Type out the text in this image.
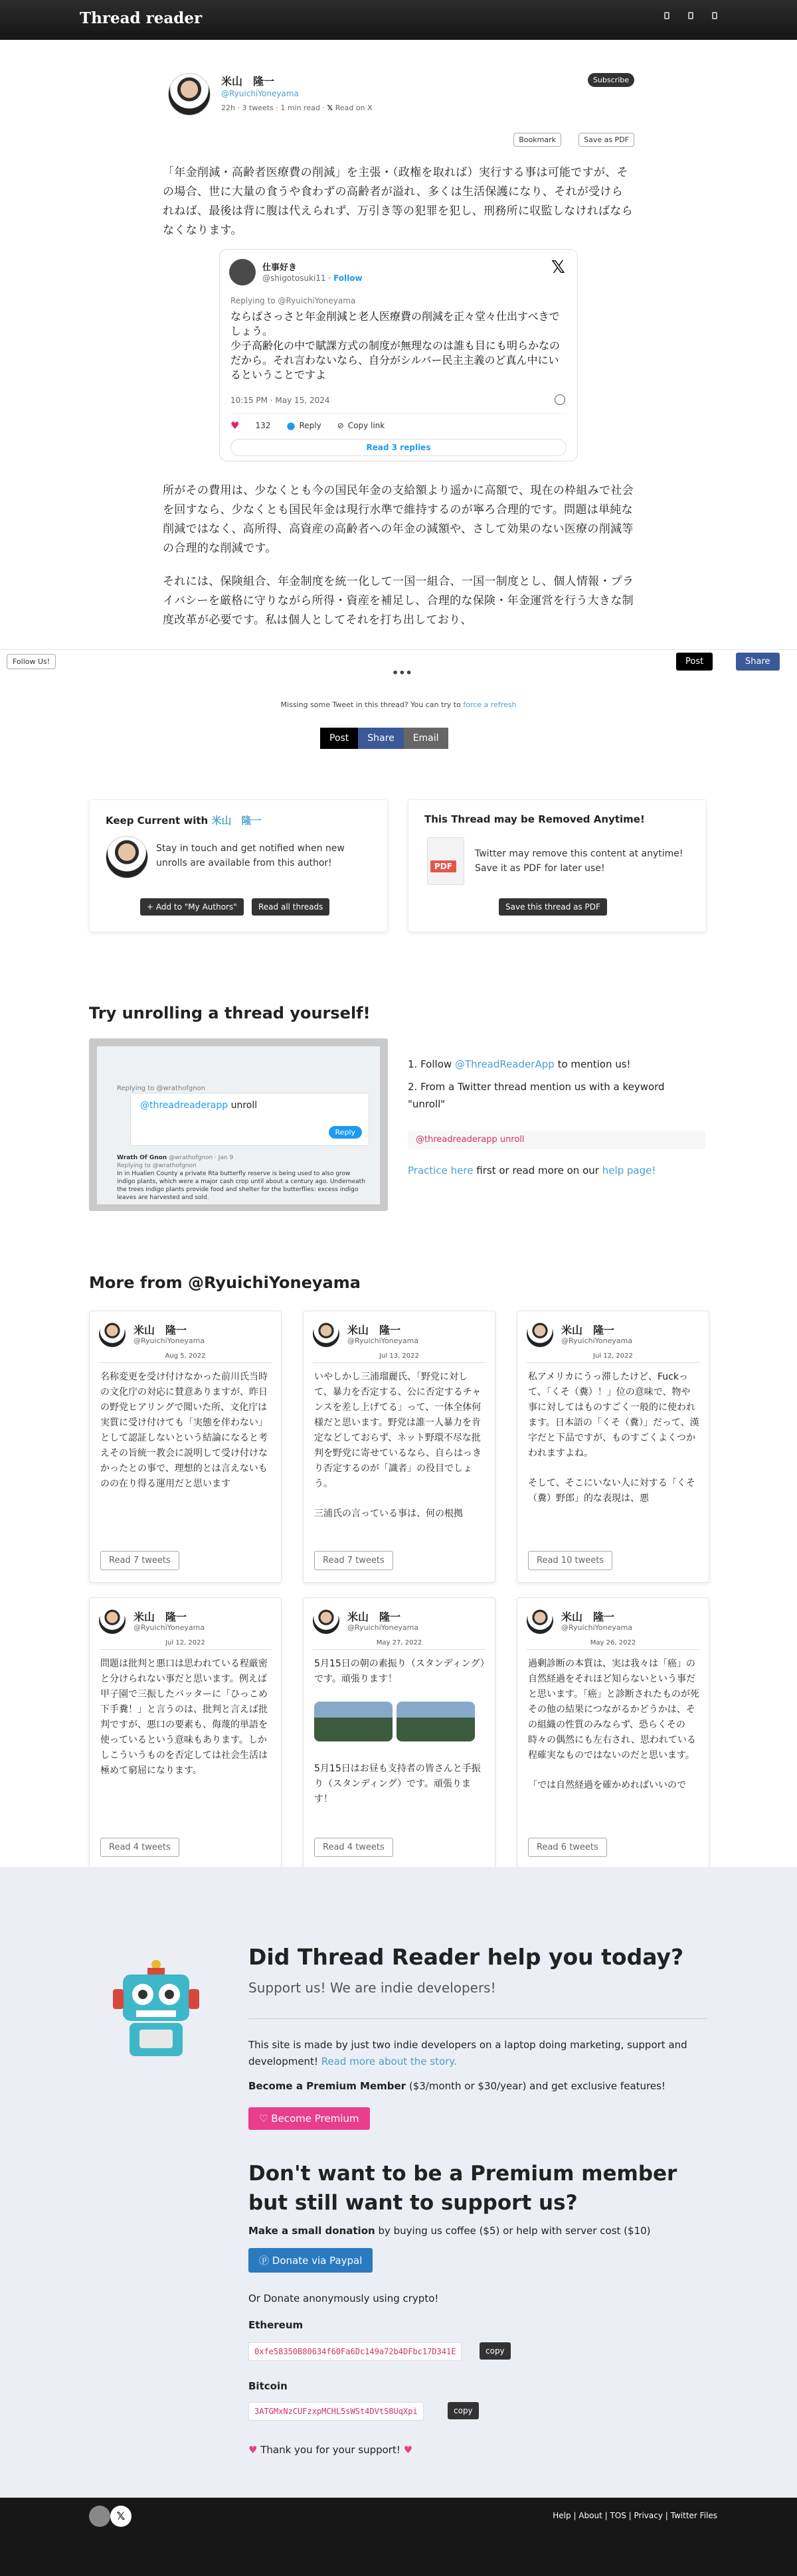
Thread reader
米山　隆一
@RyuichiYoneyama
22h · 3 tweets · 1 min read · 𝕏 Read on X
Subscribe
Bookmark	Save as PDF
「年金削減・高齢者医療費の削減」を主張・（政権を取れば）実行する事は可能ですが、その場合、世に大量の食うや食わずの高齢者が溢れ、多くは生活保護になり、それが受けられねば、最後は背に腹は代えられず、万引き等の犯罪を犯し、刑務所に収監しなければならなくなります。
仕事好き
@shigotosuki11 · Follow
𝕏
Replying to @RyuichiYoneyama
ならばさっさと年金削減と老人医療費の削減を正々堂々仕出すべきでしょう。
少子高齢化の中で賦課方式の制度が無理なのは誰も目にも明らかなのだから。それ言わないなら、自分がシルバー民主主義のど真ん中にいるということですよ
10:15 PM · May 15, 2024
♥ 132 ● Reply ⊘ Copy link
Read 3 replies
所がその費用は、少なくとも今の国民年金の支給額より遥かに高額で、現在の枠組みで社会を回すなら、少なくとも国民年金は現行水準で維持するのが寧ろ合理的です。問題は単純な削減ではなく、高所得、高資産の高齢者への年金の減額や、さして効果のない医療の削減等の合理的な削減です。
それには、保険組合、年金制度を統一化して一国一組合、一国一制度とし、個人情報・プライバシーを厳格に守りながら所得・資産を補足し、合理的な保険・年金運営を行う大きな制度改革が必要です。私は個人としてそれを打ち出しており、
Follow Us!	Post	Share
•••
Missing some Tweet in this thread? You can try to force a refresh
Post	Share	Email
Keep Current with 米山　隆一
Stay in touch and get notified when new unrolls are available from this author!
+ Add to "My Authors"	Read all threads
This Thread may be Removed Anytime!
PDF
Twitter may remove this content at anytime! Save it as PDF for later use!
Save this thread as PDF
Try unrolling a thread yourself!
Replying to @wrathofgnon
@threadreaderapp unroll
Reply
Wrath Of Gnon @wrathofgnon · Jan 9
Replying to @wrathofgnon
In in Hualien County a private Rta butterfly reserve is being used to also grow indigo plants, which were a major cash crop until about a century ago. Underneath the trees indigo plants provide food and shelter for the butterflies: excess indigo leaves are harvested and sold.
1. Follow @ThreadReaderApp to mention us!
2. From a Twitter thread mention us with a keyword "unroll"
@threadreaderapp unroll
Practice here first or read more on our help page!
More from @RyuichiYoneyama
米山　隆一
@RyuichiYoneyama
Aug 5, 2022

名称変更を受け付けなかった前川氏当時の文化庁の対応に賛意ありますが、昨日の野党ヒアリングで聞いた所、文化庁は実質に受け付けても「実態を伴わない」として認証しないという結論になると考えその旨統一教会に説明して受け付けなかったとの事で、理想的とは言えないものの在り得る運用だと思います

Read 7 tweets
米山　隆一
@RyuichiYoneyama
Jul 13, 2022

いやしかし三浦瑠麗氏、「野党に対して、暴力を否定する、公に否定するチャンスを差し上げてる」って、一体全体何様だと思います。野党は誰一人暴力を肯定などしておらず、ネット野環不尽な批判を野党に寄せているなら、自らはっきり否定するのが「識者」の役目でしょう。

三浦氏の言っている事は、何の根拠

Read 7 tweets
米山　隆一
@RyuichiYoneyama
Jul 12, 2022

私アメリカにうっ滞したけど、Fuckって、「くそ（糞）！」位の意味で、物や事に対してはものすごく一般的に使われます。日本語の「くそ（糞）」だって、漢字だと下品ですが、ものすごくよくつかわれますよね。

そして、そこにいない人に対する「くそ（糞）野郎」的な表現は、悪

Read 10 tweets
米山　隆一
@RyuichiYoneyama
Jul 12, 2022

問題は批判と悪口は思われている程厳密と分けられない事だと思います。例えば甲子園で三振したバッターに「ひっこめ下手糞！」と言うのは、批判と言えば批判ですが、悪口の要素も、侮蔑的単語を使っているという意味もあります。しかしこういうものを否定しては社会生活は極めて窮屈になります。

Read 4 tweets
米山　隆一
@RyuichiYoneyama
May 27, 2022

5月15日の朝の素振り（スタンディング）です。頑張ります！

5月15日はお昼も支持者の皆さんと手振り（スタンディング）です。頑張ります！

Read 4 tweets
米山　隆一
@RyuichiYoneyama
May 26, 2022

過剰診断の本質は、実は我々は「癌」の自然経過をそれほど知らないという事だと思います。「癌」と診断されたものが死その他の結果につながるかどうかは、その組織の性質のみならず、恐らくその時々の偶然にも左右され、思われている程確実なものではないのだと思います。

「では自然経過を確かめればいいので

Read 6 tweets
Did Thread Reader help you today?
Support us! We are indie developers!
This site is made by just two indie developers on a laptop doing marketing, support and development! Read more about the story.
Become a Premium Member ($3/month or $30/year) and get exclusive features!
♡ Become Premium
Don't want to be a Premium member but still want to support us?
Make a small donation by buying us coffee ($5) or help with server cost ($10)
ⓟ Donate via Paypal
Or Donate anonymously using crypto!
Ethereum
0xfe58350B80634f60Fa6Dc149a72b4DFbc17D341E	copy
Bitcoin
3ATGMxNzCUFzxpMCHL5sWSt4DVtS8UqXpi	copy
♥ Thank you for your support! ♥
𝕏	Help | About | TOS | Privacy | Twitter Files
